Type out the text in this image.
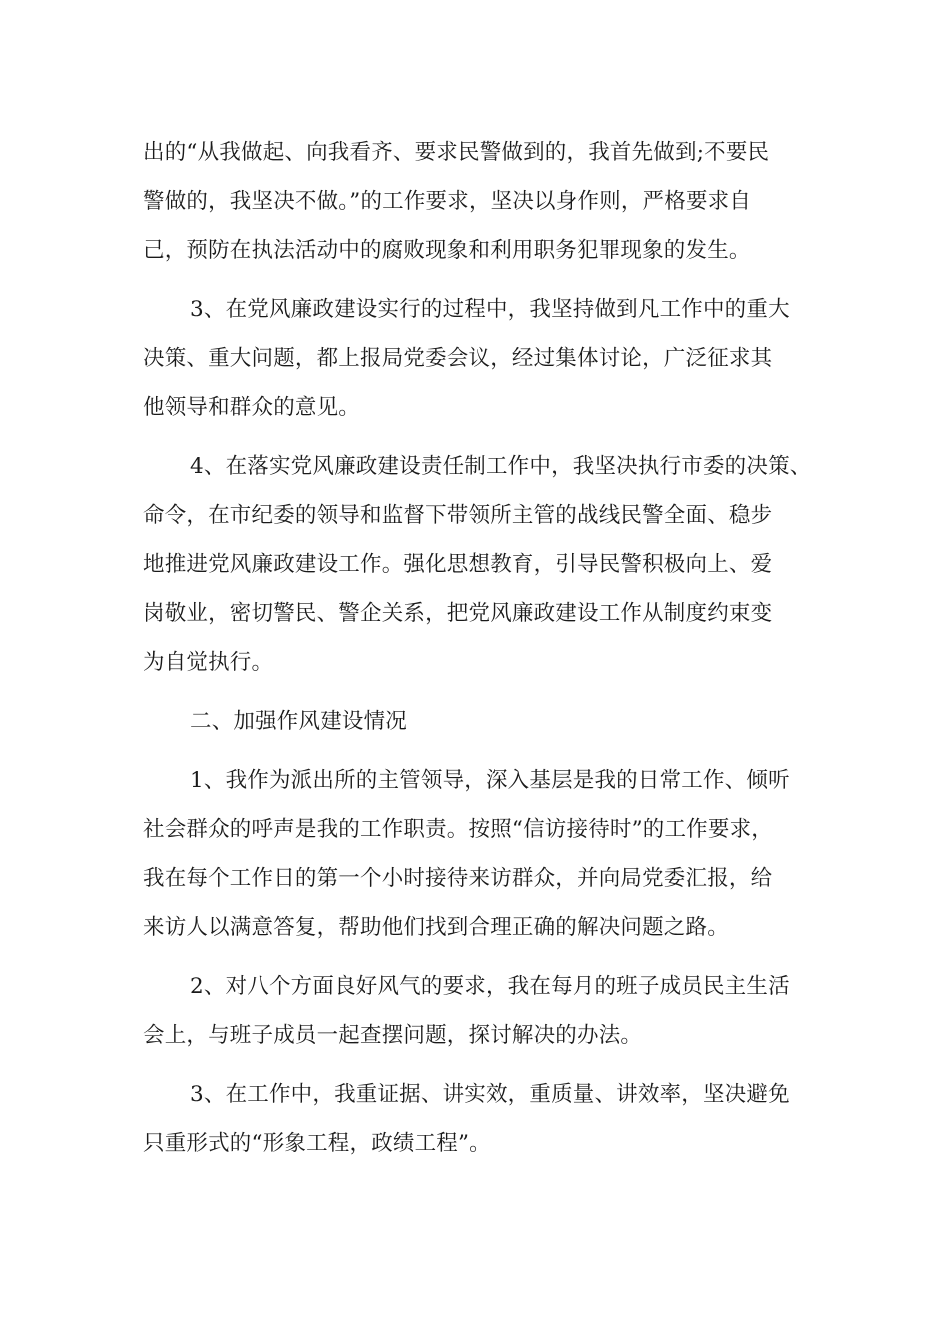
出的“从我做起、向我看齐、要求民警做到的，我首先做到;不要民
警做的，我坚决不做。”的工作要求，坚决以身作则，严格要求自
己，预防在执法活动中的腐败现象和利用职务犯罪现象的发生。
3、在党风廉政建设实行的过程中，我坚持做到凡工作中的重大
决策、重大问题，都上报局党委会议，经过集体讨论，广泛征求其
他领导和群众的意见。
4、在落实党风廉政建设责任制工作中，我坚决执行市委的决策、
命令，在市纪委的领导和监督下带领所主管的战线民警全面、稳步
地推进党风廉政建设工作。强化思想教育，引导民警积极向上、爱
岗敬业，密切警民、警企关系，把党风廉政建设工作从制度约束变
为自觉执行。
二、加强作风建设情况
1、我作为派出所的主管领导，深入基层是我的日常工作、倾听
社会群众的呼声是我的工作职责。按照“信访接待时”的工作要求，
我在每个工作日的第一个小时接待来访群众，并向局党委汇报，给
来访人以满意答复，帮助他们找到合理正确的解决问题之路。
2、对八个方面良好风气的要求，我在每月的班子成员民主生活
会上，与班子成员一起查摆问题，探讨解决的办法。
3、在工作中，我重证据、讲实效，重质量、讲效率，坚决避免
只重形式的“形象工程，政绩工程”。
